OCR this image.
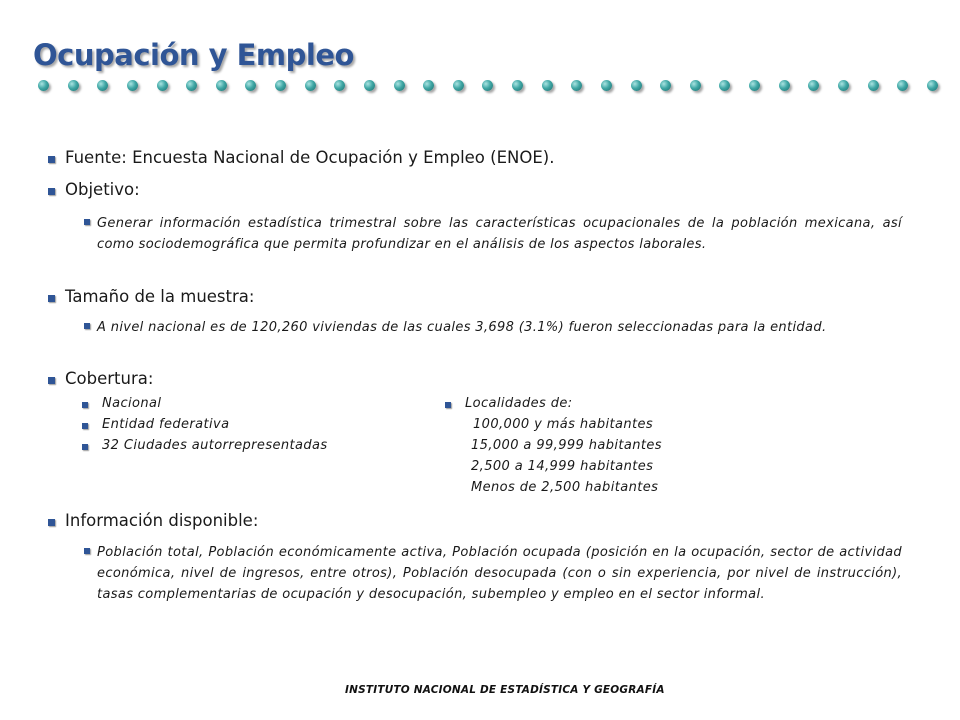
Ocupación y Empleo
Fuente: Encuesta Nacional de Ocupación y Empleo (ENOE).
Objetivo:
Generar información estadística trimestral sobre las características ocupacionales de la población mexicana, así como sociodemográfica que permita profundizar en el análisis de los aspectos laborales.
Tamaño de la muestra:
A nivel nacional es de 120,260 viviendas de las cuales 3,698 (3.1%) fueron seleccionadas para la entidad.
Cobertura:
Nacional
Entidad federativa
32 Ciudades autorrepresentadas
Localidades de:
100,000 y más habitantes
15,000 a 99,999 habitantes
2,500 a 14,999 habitantes
Menos de 2,500 habitantes
Información disponible:
Población total, Población económicamente activa, Población ocupada (posición en la ocupación, sector de actividad económica, nivel de ingresos, entre otros), Población desocupada (con o sin experiencia, por nivel de instrucción), tasas complementarias de ocupación y desocupación, subempleo y empleo en el sector informal.
INSTITUTO NACIONAL DE ESTADÍSTICA Y GEOGRAFÍA
